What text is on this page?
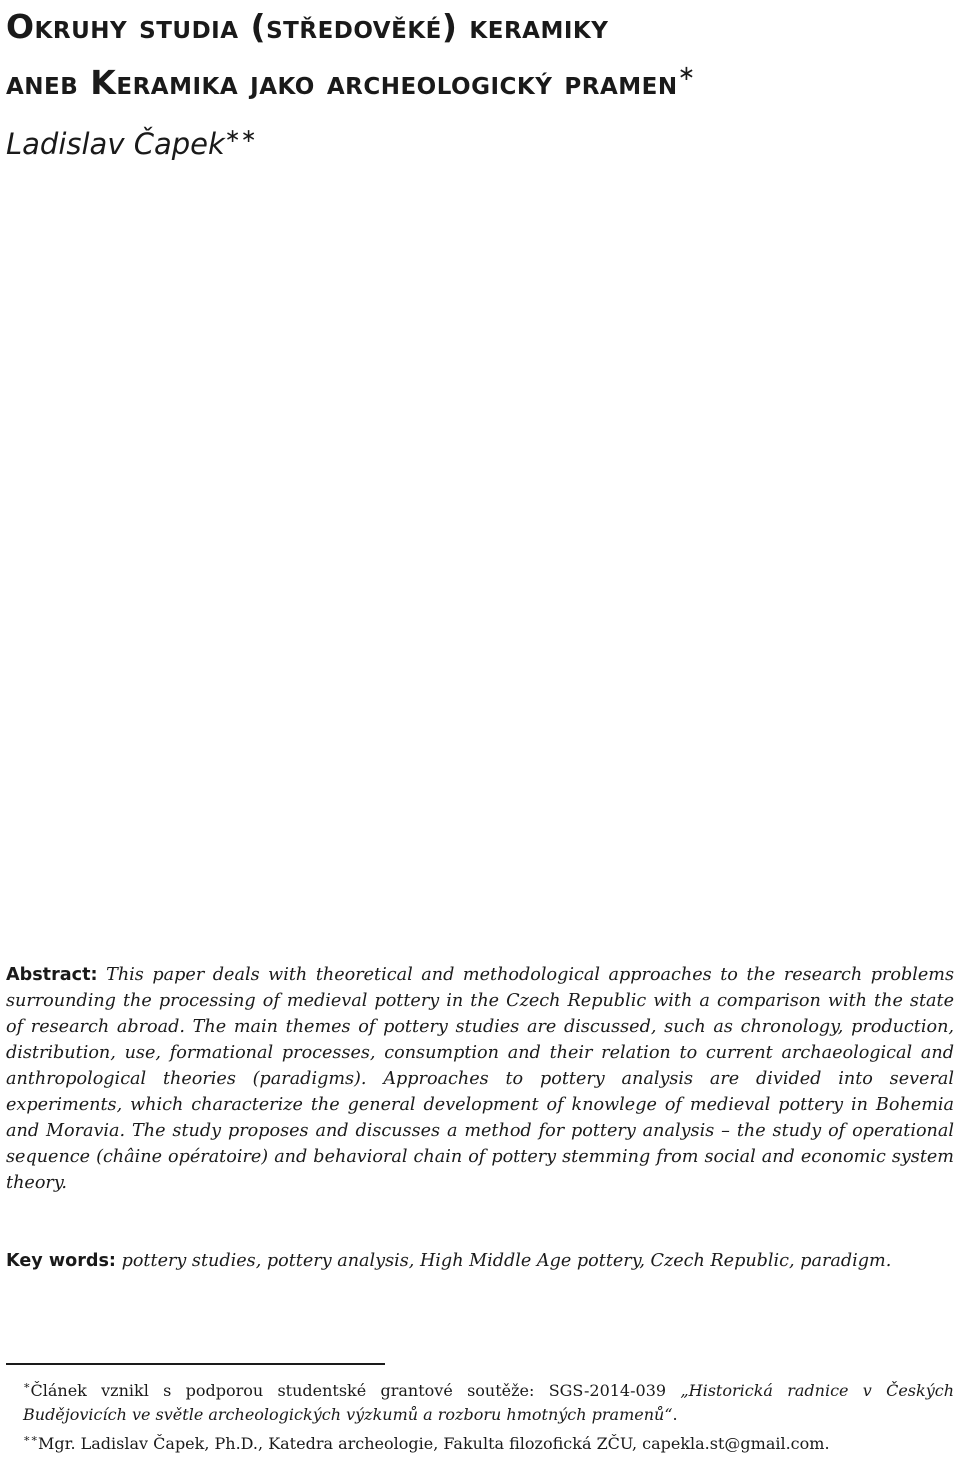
Okruhy studia (středověké) keramiky
aneb Keramika jako archeologický pramen∗
Ladislav Čapek∗∗

Abstract: This paper deals with theoretical and methodological approaches to the research problems surrounding the processing of medieval pottery in the Czech Republic with a comparison with the state of research abroad. The main themes of pottery studies are discussed, such as chronology, production, distribution, use, formational processes, consumption and their relation to current archaeological and anthropological theories (paradigms). Approaches to pottery analysis are divided into several experiments, which characterize the general development of knowlege of medieval pottery in Bohemia and Moravia. The study proposes and discusses a method for pottery analysis – the study of operational sequence (châine opératoire) and behavioral chain of pottery stemming from social and economic system theory.

Key words: pottery studies, pottery analysis, High Middle Age pottery, Czech Republic, paradigm.

∗Článek vznikl s podporou studentské grantové soutěže: SGS-2014-039 „Historická radnice v Českých Budějovicích ve světle archeologických výzkumů a rozboru hmotných pramenů“.
∗∗Mgr. Ladislav Čapek, Ph.D., Katedra archeologie, Fakulta filozofická ZČU, capekla.st@gmail.com.
